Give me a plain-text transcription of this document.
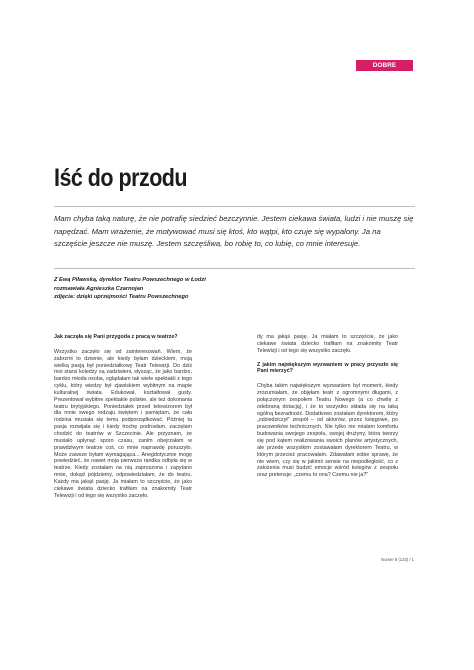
DOBRE PRAKTYKI
Iść do przodu

Mam chyba taką naturę, że nie potrafię siedzieć bezczynnie. Jestem ciekawa świata, ludzi i nie muszę się napędzać. Mam wrażenie, że motywować musi się ktoś, kto wątpi, kto czuje się wypalony. Ja na szczęście jeszcze nie muszę. Jestem szczęśliwa, bo robię to, co lubię, co mnie interesuje.

Z Ewą Piławską, dyrektor Teatru Powszechnego w Łodzi
rozmawiała Agnieszka Czarnojan
zdjęcia: dzięki uprzejmości Teatru Powszechnego

Jak zaczęła się Pani przygoda z pracą w teatrze?

Wszystko zaczęło się od zainteresowań. Wiem, że zabrzmi to dziwnie, ale kiedy byłam dzieckiem, moją wielką pasją był poniedziałkowy Teatr Telewizji. Do dziś moi starsi koledzy są zadziwieni, słysząc, że jako bardzo, bardzo młoda osoba, oglądałam tak wiele spektakli z tego cyklu, który wiedzy był zjawiskiem wybitnym na mapie kulturalnej świata. Edukował, kształtował gusty. Prezentował wybitne spektakle polskie, ale też dokonania teatru brytyjskiego. Poniedziałek przed telewizorem był dla mnie swego rodzaju świętem i pamiętam, że cała rodzina musiała się temu podporządkować. Później ta pasja rozwijała się i kiedy trochę podrosłam, zaczęłam chodzić do teatrów w Szczecinie. Ale przyznam, że musiało upłynąć sporo czasu, zanim obejrzałam w prawdziwym teatrze coś, co mnie naprawdę poruszyło. Może zawsze byłam wymagająca... Anegdotycznie mogę powiedzieć, że nawet moja pierwsza randka odbyła się w teatrze. Kiedy zostałam na nią zaproszona i zapytano mnie, dokąd pójdziemy, odpowiedziałam, że do teatru. Każdy ma jakąś pasję. Ja miałam to szczęście, że jako ciekawe świata dziecko trafiłam na znakomity Teatr Telewizji i od tego się wszystko zaczęło.

dy ma jakąś pasję. Ja miałam to szczęście, że jako ciekawe świata dziecko trafiłam na znakomity Teatr Telewizji i od tego się wszystko zaczęło.

Z jakim największym wyzwaniem w pracy przyszło się Pani mierzyć?

Chyba takim największym wyzwaniem był moment, kiedy zrozumiałam, że objęłam teatr z ogromnymi długami, z połączonym zespołem Teatru Nowego (a co chwilę z odebraną dotacją), i że to wszystko składa się na taką ogólną bezradność. Dodatkowo zostałam dyrektorem, który „odziedziczył” zespół – od aktorów, przez księgowe, po pracowników technicznych. Nie tylko nie miałam komfortu budowania swojego zespołu, swojej drużyny, która tworzy się pod kątem realizowania swoich planów artystycznych, ale przede wszystkim zostawałam dyrektorem Teatru, w którym przecież pracowałam. Zdawałam sobie sprawę, że nie wiem, czy się w jakimś sensie na niepodległość, co z założenia musi budzić emocje wśród kolegów z zespołu oraz pretensje: „czemu to ona? Czemu nie ja?”

Numer 8 (133) / 1
